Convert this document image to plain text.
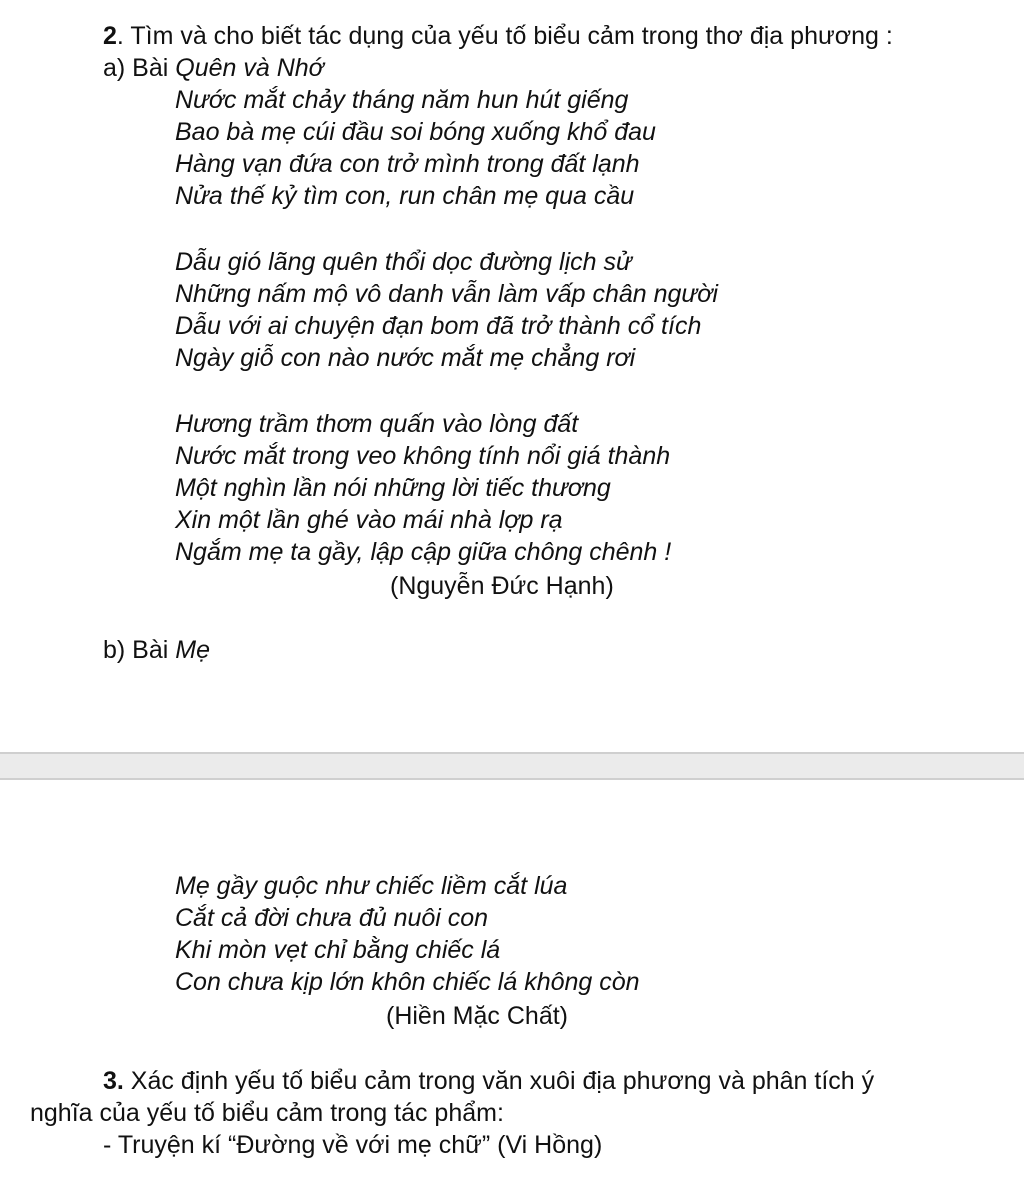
2. Tìm và cho biết tác dụng của yếu tố biểu cảm trong thơ địa phương :
a) Bài Quên và Nhớ
Nước mắt chảy tháng năm hun hút giếng
Bao bà mẹ cúi đầu soi bóng xuống khổ đau
Hàng vạn đứa con trở mình trong đất lạnh
Nửa thế kỷ tìm con, run chân mẹ qua cầu
Dẫu gió lãng quên thổi dọc đường lịch sử
Những nấm mộ vô danh vẫn làm vấp chân người
Dẫu với ai chuyện đạn bom đã trở thành cổ tích
Ngày giỗ con nào nước mắt mẹ chẳng rơi
Hương trầm thơm quấn vào lòng đất
Nước mắt trong veo không tính nổi giá thành
Một nghìn lần nói những lời tiếc thương
Xin một lần ghé vào mái nhà lợp rạ
Ngắm mẹ ta gầy, lập cập giữa chông chênh !
(Nguyễn Đức Hạnh)
b) Bài Mẹ
Mẹ gầy guộc như chiếc liềm cắt lúa
Cắt cả đời chưa đủ nuôi con
Khi mòn vẹt chỉ bằng chiếc lá
Con chưa kịp lớn khôn chiếc lá không còn
(Hiền Mặc Chất)
3. Xác định yếu tố biểu cảm trong văn xuôi địa phương và phân tích ý
nghĩa của yếu tố biểu cảm trong tác phẩm:
- Truyện kí “Đường về với mẹ chữ” (Vi Hồng)
